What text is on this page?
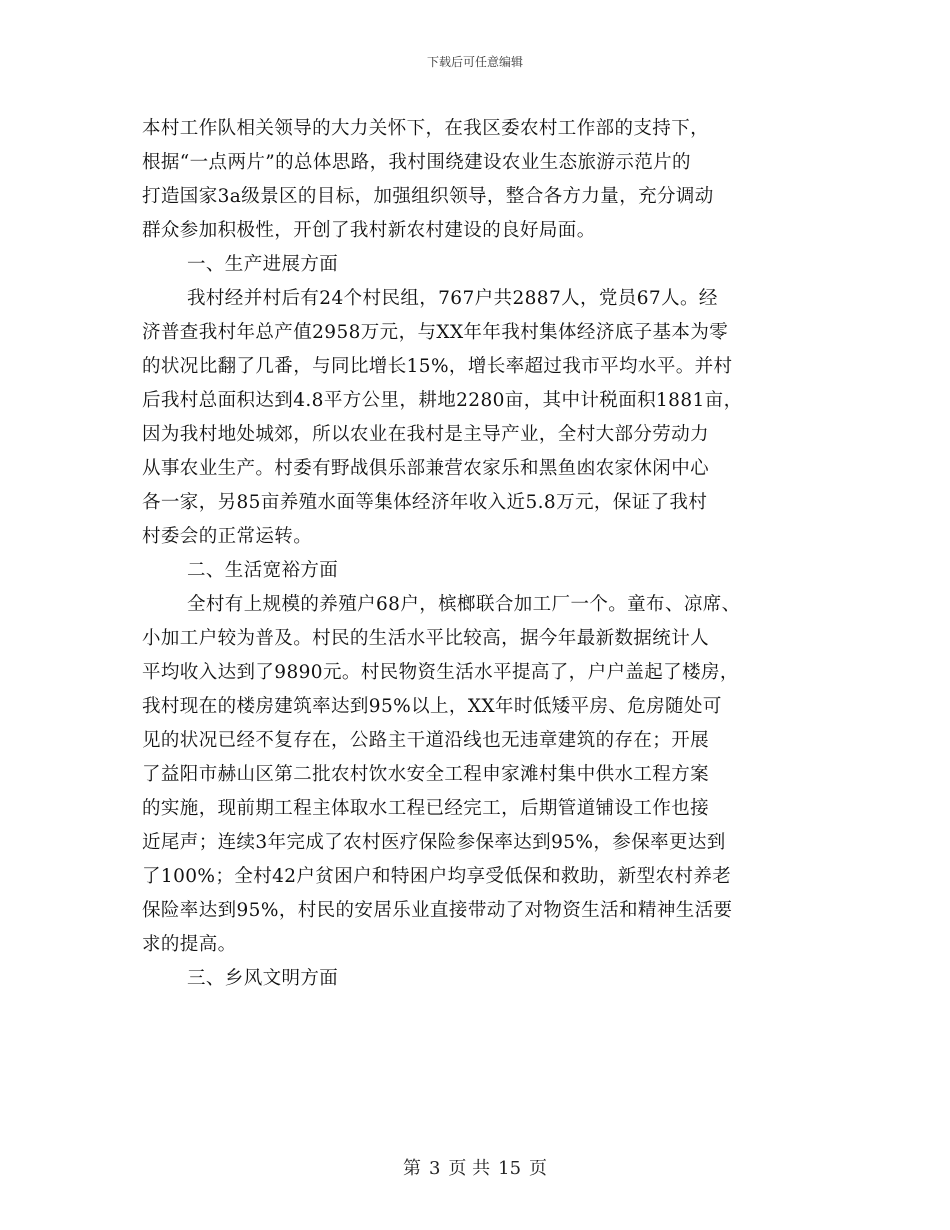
下载后可任意编辑
本村工作队相关领导的大力关怀下，在我区委农村工作部的支持下，
根据“一点两片”的总体思路，我村围绕建设农业生态旅游示范片的
打造国家3a级景区的目标，加强组织领导，整合各方力量，充分调动
群众参加积极性，开创了我村新农村建设的良好局面。
一、生产进展方面
我村经并村后有24个村民组，767户共2887人，党员67人。经
济普查我村年总产值2958万元，与XX年年我村集体经济底子基本为零
的状况比翻了几番，与同比增长15%，增长率超过我市平均水平。并村
后我村总面积达到4.8平方公里，耕地2280亩，其中计税面积1881亩，
因为我村地处城郊，所以农业在我村是主导产业，全村大部分劳动力
从事农业生产。村委有野战俱乐部兼营农家乐和黑鱼凼农家休闲中心
各一家，另85亩养殖水面等集体经济年收入近5.8万元，保证了我村
村委会的正常运转。
二、生活宽裕方面
全村有上规模的养殖户68户，槟榔联合加工厂一个。童布、凉席、
小加工户较为普及。村民的生活水平比较高，据今年最新数据统计人
平均收入达到了9890元。村民物资生活水平提高了，户户盖起了楼房，
我村现在的楼房建筑率达到95%以上，XX年时低矮平房、危房随处可
见的状况已经不复存在，公路主干道沿线也无违章建筑的存在；开展
了益阳市赫山区第二批农村饮水安全工程申家滩村集中供水工程方案
的实施，现前期工程主体取水工程已经完工，后期管道铺设工作也接
近尾声；连续3年完成了农村医疗保险参保率达到95%，参保率更达到
了100%；全村42户贫困户和特困户均享受低保和救助，新型农村养老
保险率达到95%，村民的安居乐业直接带动了对物资生活和精神生活要
求的提高。
三、乡风文明方面
第 3 页 共 15 页
